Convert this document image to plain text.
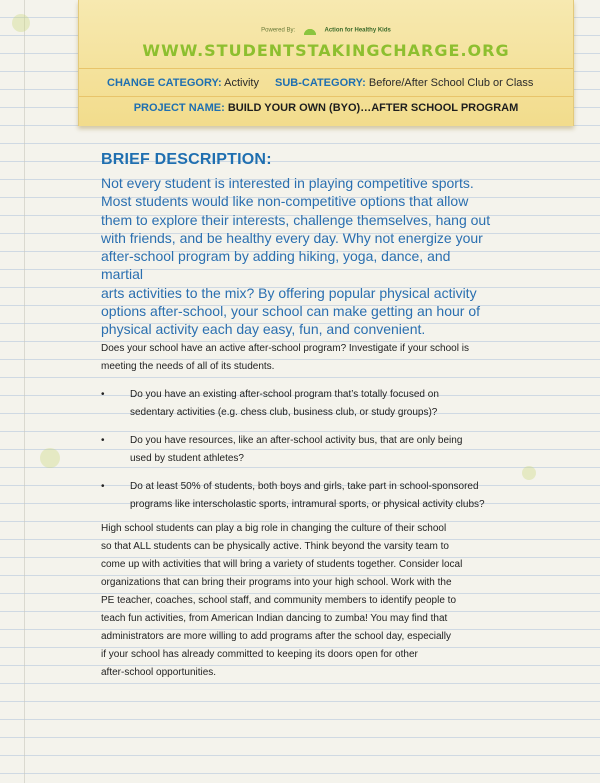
Powered By:	Action for Healthy Kids
WWW.STUDENTSTAKINGCHARGE.ORG
CHANGE CATEGORY: Activity SUB-CATEGORY: Before/After School Club or Class
PROJECT NAME: BUILD YOUR OWN (BYO)…AFTER SCHOOL PROGRAM
BRIEF DESCRIPTION:
Not every student is interested in playing competitive sports.
Most students would like non-competitive options that allow
them to explore their interests, challenge themselves, hang out
with friends, and be healthy every day. Why not energize your
after-school program by adding hiking, yoga, dance, and martial
arts activities to the mix? By offering popular physical activity
options after-school, your school can make getting an hour of
physical activity each day easy, fun, and convenient.
Does your school have an active after-school program? Investigate if your school is
meeting the needs of all of its students.
•	Do you have an existing after-school program that’s totally focused on
sedentary activities (e.g. chess club, business club, or study groups)?
•	Do you have resources, like an after-school activity bus, that are only being
used by student athletes?
•	Do at least 50% of students, both boys and girls, take part in school-sponsored
programs like interscholastic sports, intramural sports, or physical activity clubs?
High school students can play a big role in changing the culture of their school
so that ALL students can be physically active. Think beyond the varsity team to
come up with activities that will bring a variety of students together. Consider local
organizations that can bring their programs into your high school. Work with the
PE teacher, coaches, school staff, and community members to identify people to
teach fun activities, from American Indian dancing to zumba! You may find that
administrators are more willing to add programs after the school day, especially
if your school has already committed to keeping its doors open for other
after-school opportunities.
